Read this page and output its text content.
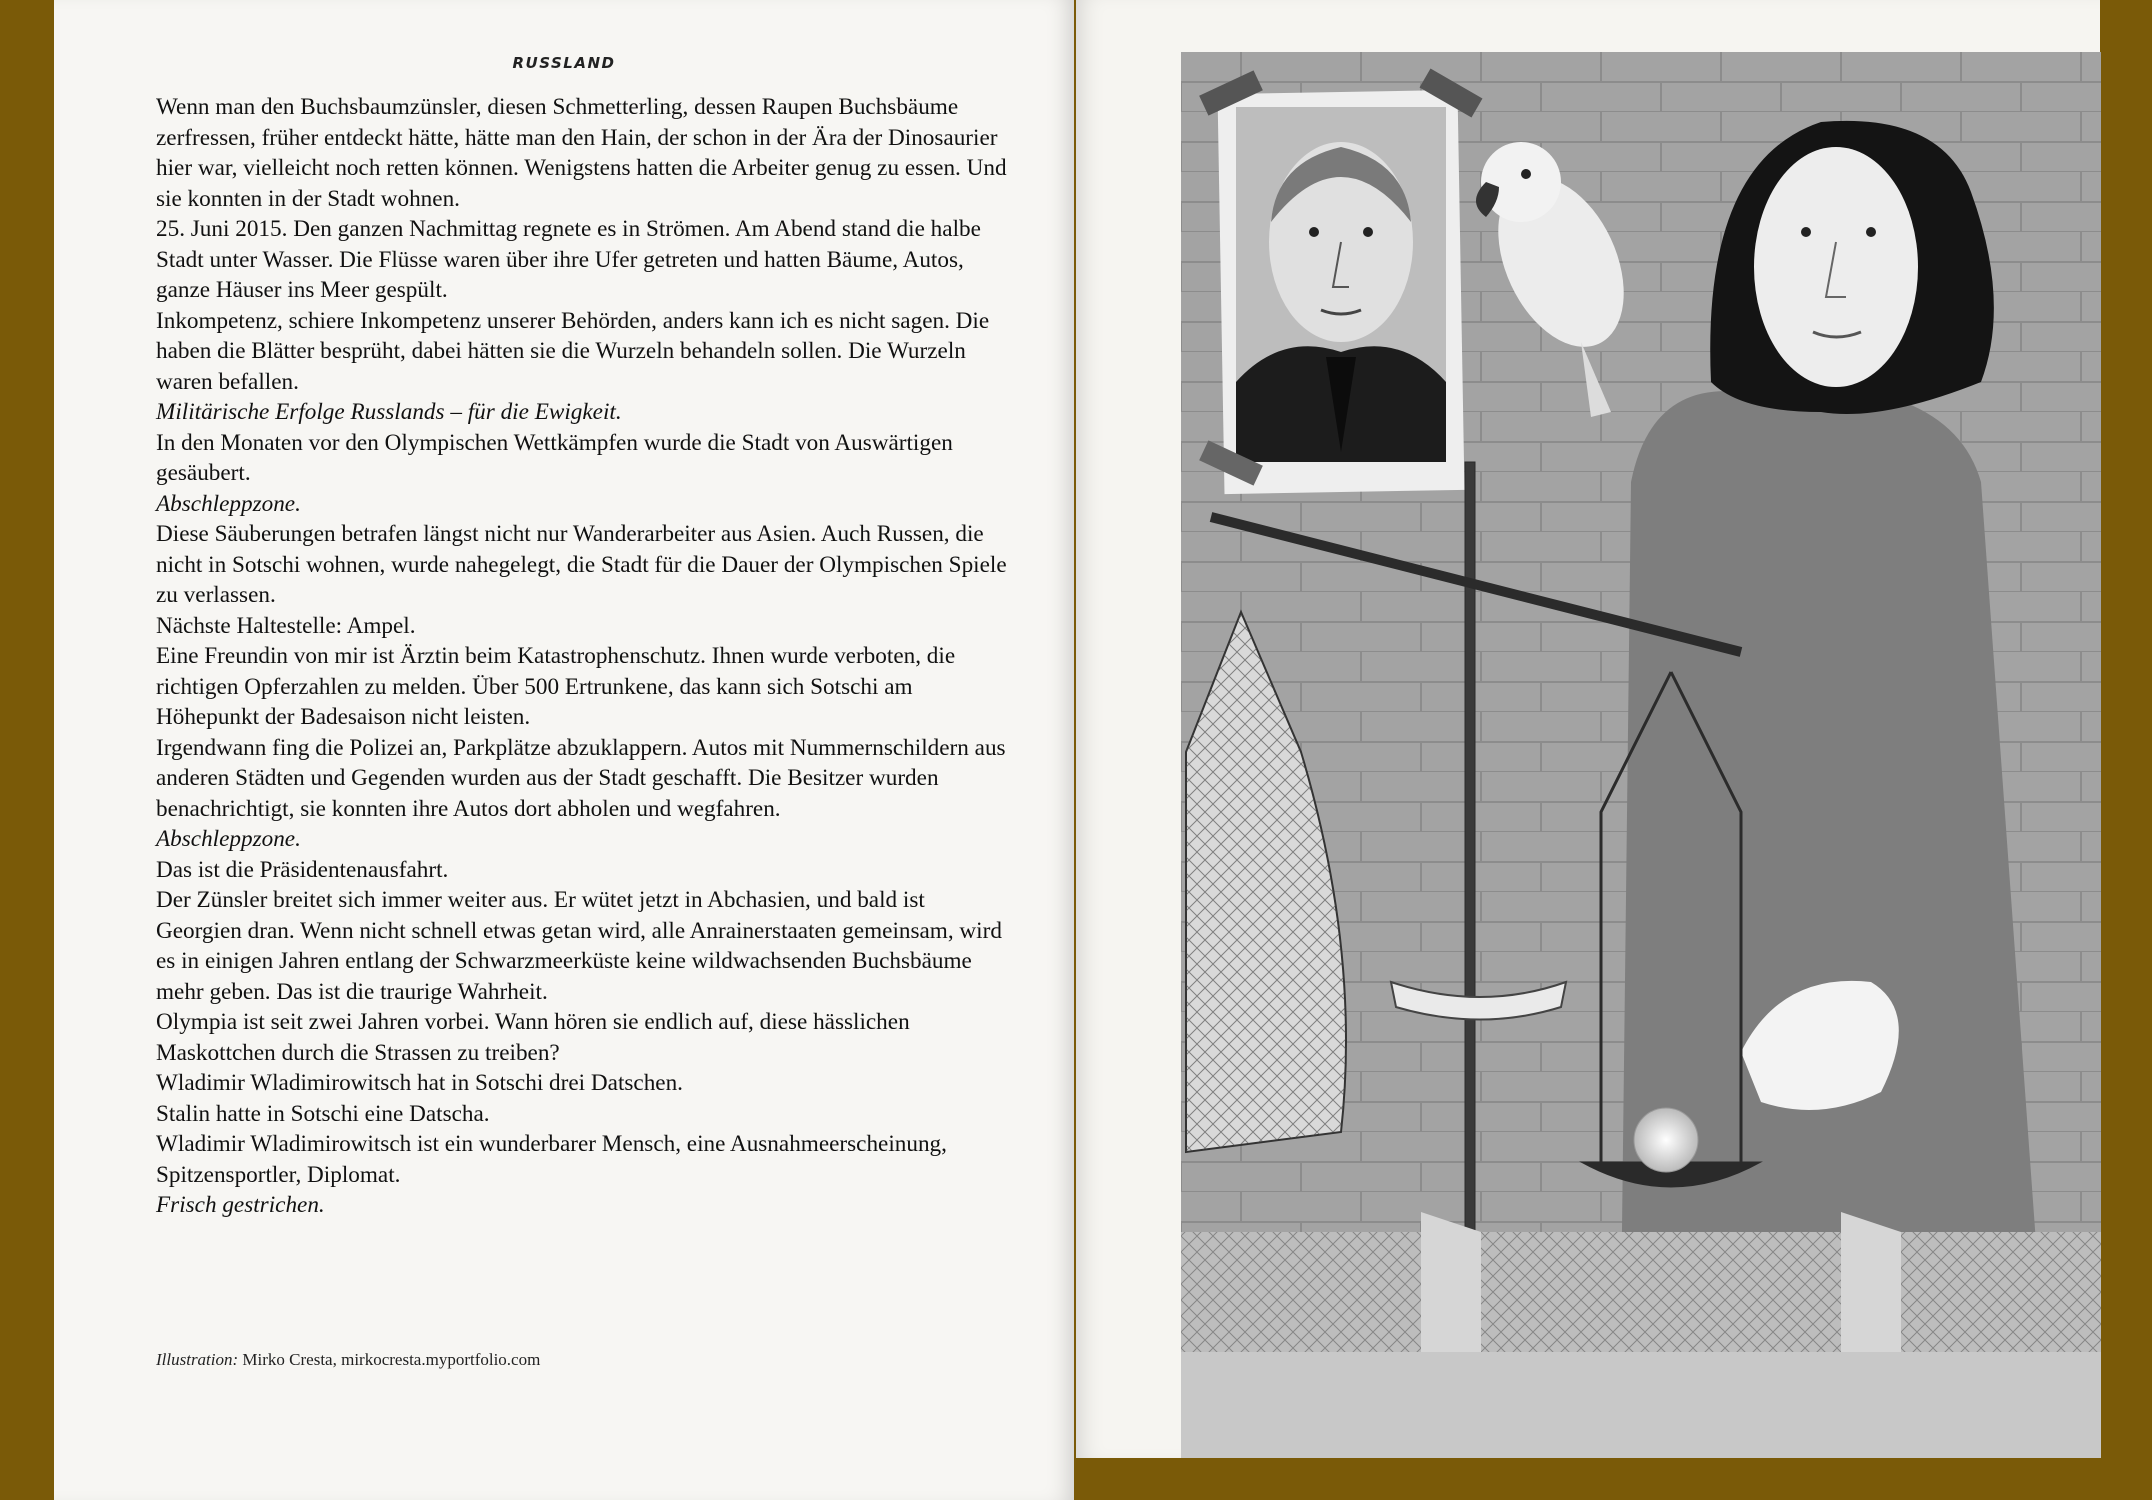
RUSSLAND

Wenn man den Buchsbaumzünsler, diesen Schmetterling, dessen Raupen Buchsbäume zerfressen, früher entdeckt hätte, hätte man den Hain, der schon in der Ära der Dinosaurier hier war, vielleicht noch retten können. Wenigstens hatten die Arbeiter genug zu essen. Und sie konnten in der Stadt wohnen.

25. Juni 2015. Den ganzen Nachmittag regnete es in Strömen. Am Abend stand die halbe Stadt unter Wasser. Die Flüsse waren über ihre Ufer getreten und hatten Bäume, Autos, ganze Häuser ins Meer gespült.

Inkompetenz, schiere Inkompetenz unserer Behörden, anders kann ich es nicht sagen. Die haben die Blätter besprüht, dabei hätten sie die Wurzeln behandeln sollen. Die Wurzeln waren befallen.

Militärische Erfolge Russlands – für die Ewigkeit.

In den Monaten vor den Olympischen Wettkämpfen wurde die Stadt von Auswärtigen gesäubert.

Abschleppzone.

Diese Säuberungen betrafen längst nicht nur Wanderarbeiter aus Asien. Auch Russen, die nicht in Sotschi wohnen, wurde nahegelegt, die Stadt für die Dauer der Olympischen Spiele zu verlassen.

Nächste Haltestelle: Ampel.

Eine Freundin von mir ist Ärztin beim Katastrophenschutz. Ihnen wurde verboten, die richtigen Opferzahlen zu melden. Über 500 Ertrunkene, das kann sich Sotschi am Höhepunkt der Badesaison nicht leisten.

Irgendwann fing die Polizei an, Parkplätze abzuklappern. Autos mit Nummernschildern aus anderen Städten und Gegenden wurden aus der Stadt geschafft. Die Besitzer wurden benachrichtigt, sie konnten ihre Autos dort abholen und wegfahren.

Abschleppzone.

Das ist die Präsidentenausfahrt.

Der Zünsler breitet sich immer weiter aus. Er wütet jetzt in Abchasien, und bald ist Georgien dran. Wenn nicht schnell etwas getan wird, alle Anrainerstaaten gemeinsam, wird es in einigen Jahren entlang der Schwarzmeerküste keine wildwachsenden Buchsbäume mehr geben. Das ist die traurige Wahrheit.

Olympia ist seit zwei Jahren vorbei. Wann hören sie endlich auf, diese hässlichen Maskottchen durch die Strassen zu treiben?

Wladimir Wladimirowitsch hat in Sotschi drei Datschen.

Stalin hatte in Sotschi eine Datscha.

Wladimir Wladimirowitsch ist ein wunderbarer Mensch, eine Ausnahmeerscheinung, Spitzensportler, Diplomat.

Frisch gestrichen.

Illustration: Mirko Cresta, mirkocresta.myportfolio.com
